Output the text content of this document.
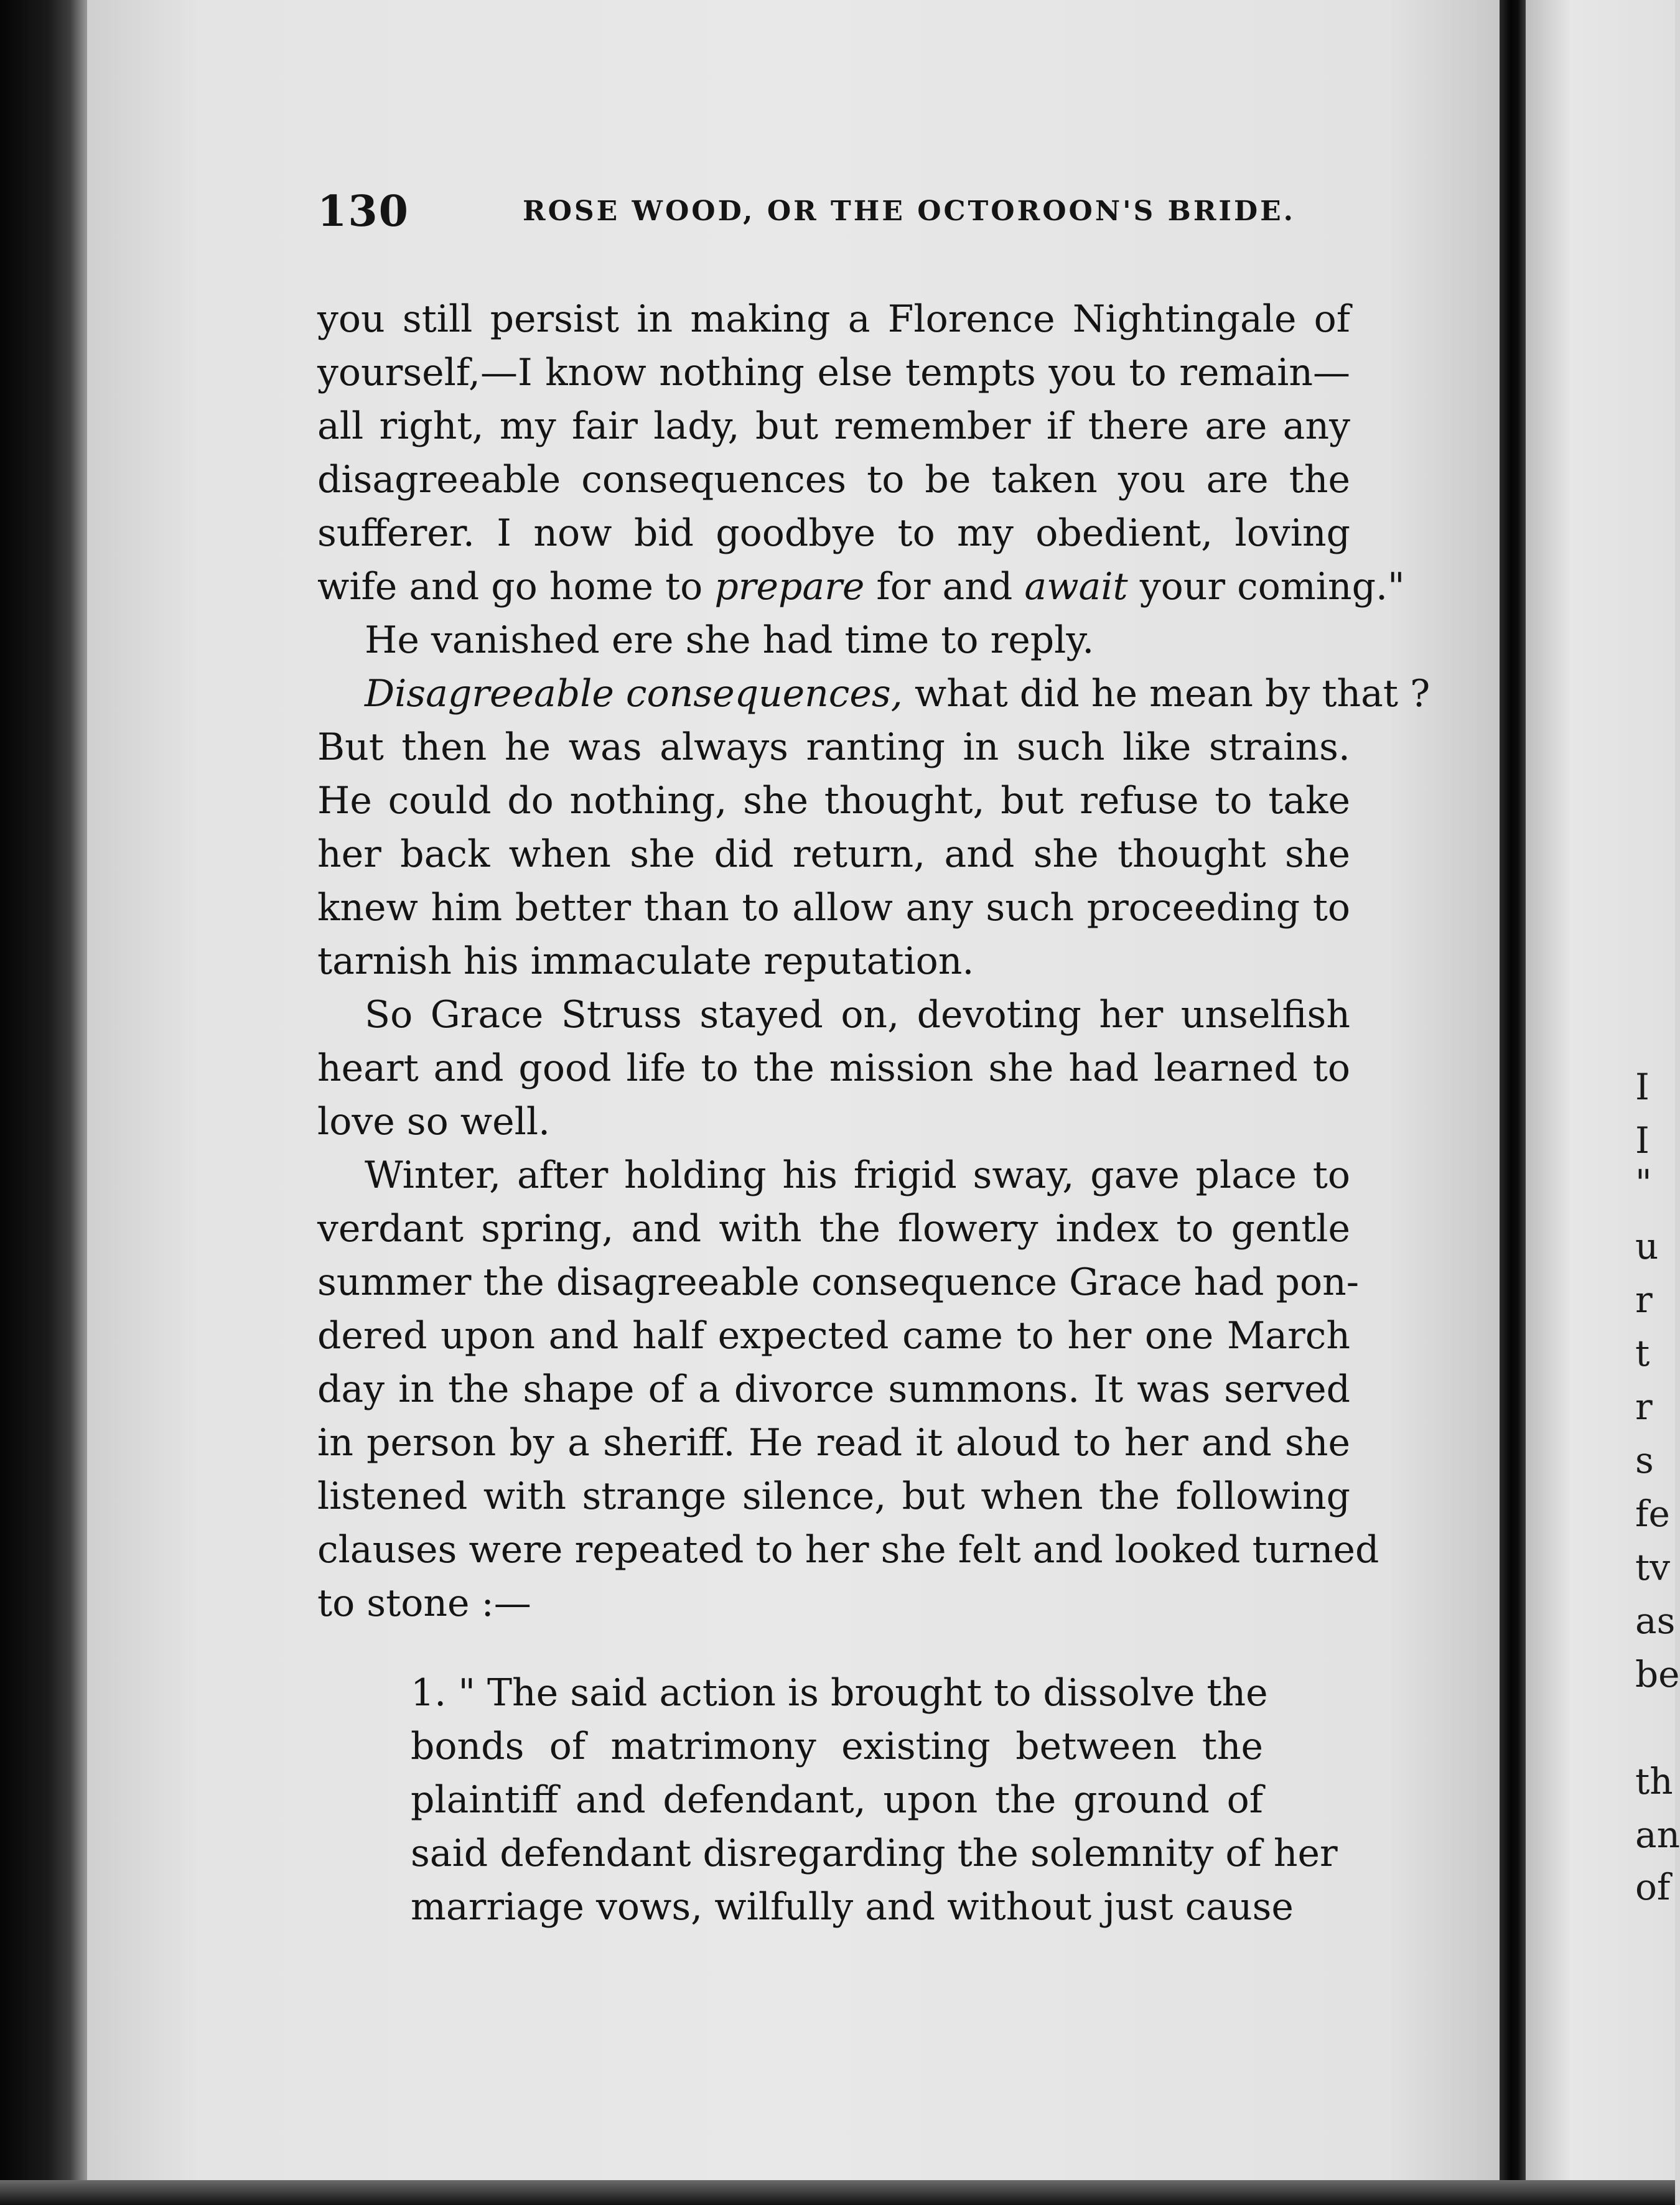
I
I
"
u
r
t
r
s
fe
tv
as
be
th
an
of
130	ROSE WOOD, OR THE OCTOROON'S BRIDE.
you still persist in making a Florence Nightingale of
yourself,—I know nothing else tempts you to remain—
all right, my fair lady, but remember if there are any
disagreeable consequences to be taken you are the
sufferer. I now bid goodbye to my obedient, loving
wife and go home to prepare for and await your coming."
He vanished ere she had time to reply.
Disagreeable consequences, what did he mean by that ?
But then he was always ranting in such like strains.
He could do nothing, she thought, but refuse to take
her back when she did return, and she thought she
knew him better than to allow any such proceeding to
tarnish his immaculate reputation.
So Grace Struss stayed on, devoting her unselfish
heart and good life to the mission she had learned to
love so well.
Winter, after holding his frigid sway, gave place to
verdant spring, and with the flowery index to gentle
summer the disagreeable consequence Grace had pon-
dered upon and half expected came to her one March
day in the shape of a divorce summons. It was served
in person by a sheriff. He read it aloud to her and she
listened with strange silence, but when the following
clauses were repeated to her she felt and looked turned
to stone :—
1. " The said action is brought to dissolve the
bonds of matrimony existing between the
plaintiff and defendant, upon the ground of
said defendant disregarding the solemnity of her
marriage vows, wilfully and without just cause
